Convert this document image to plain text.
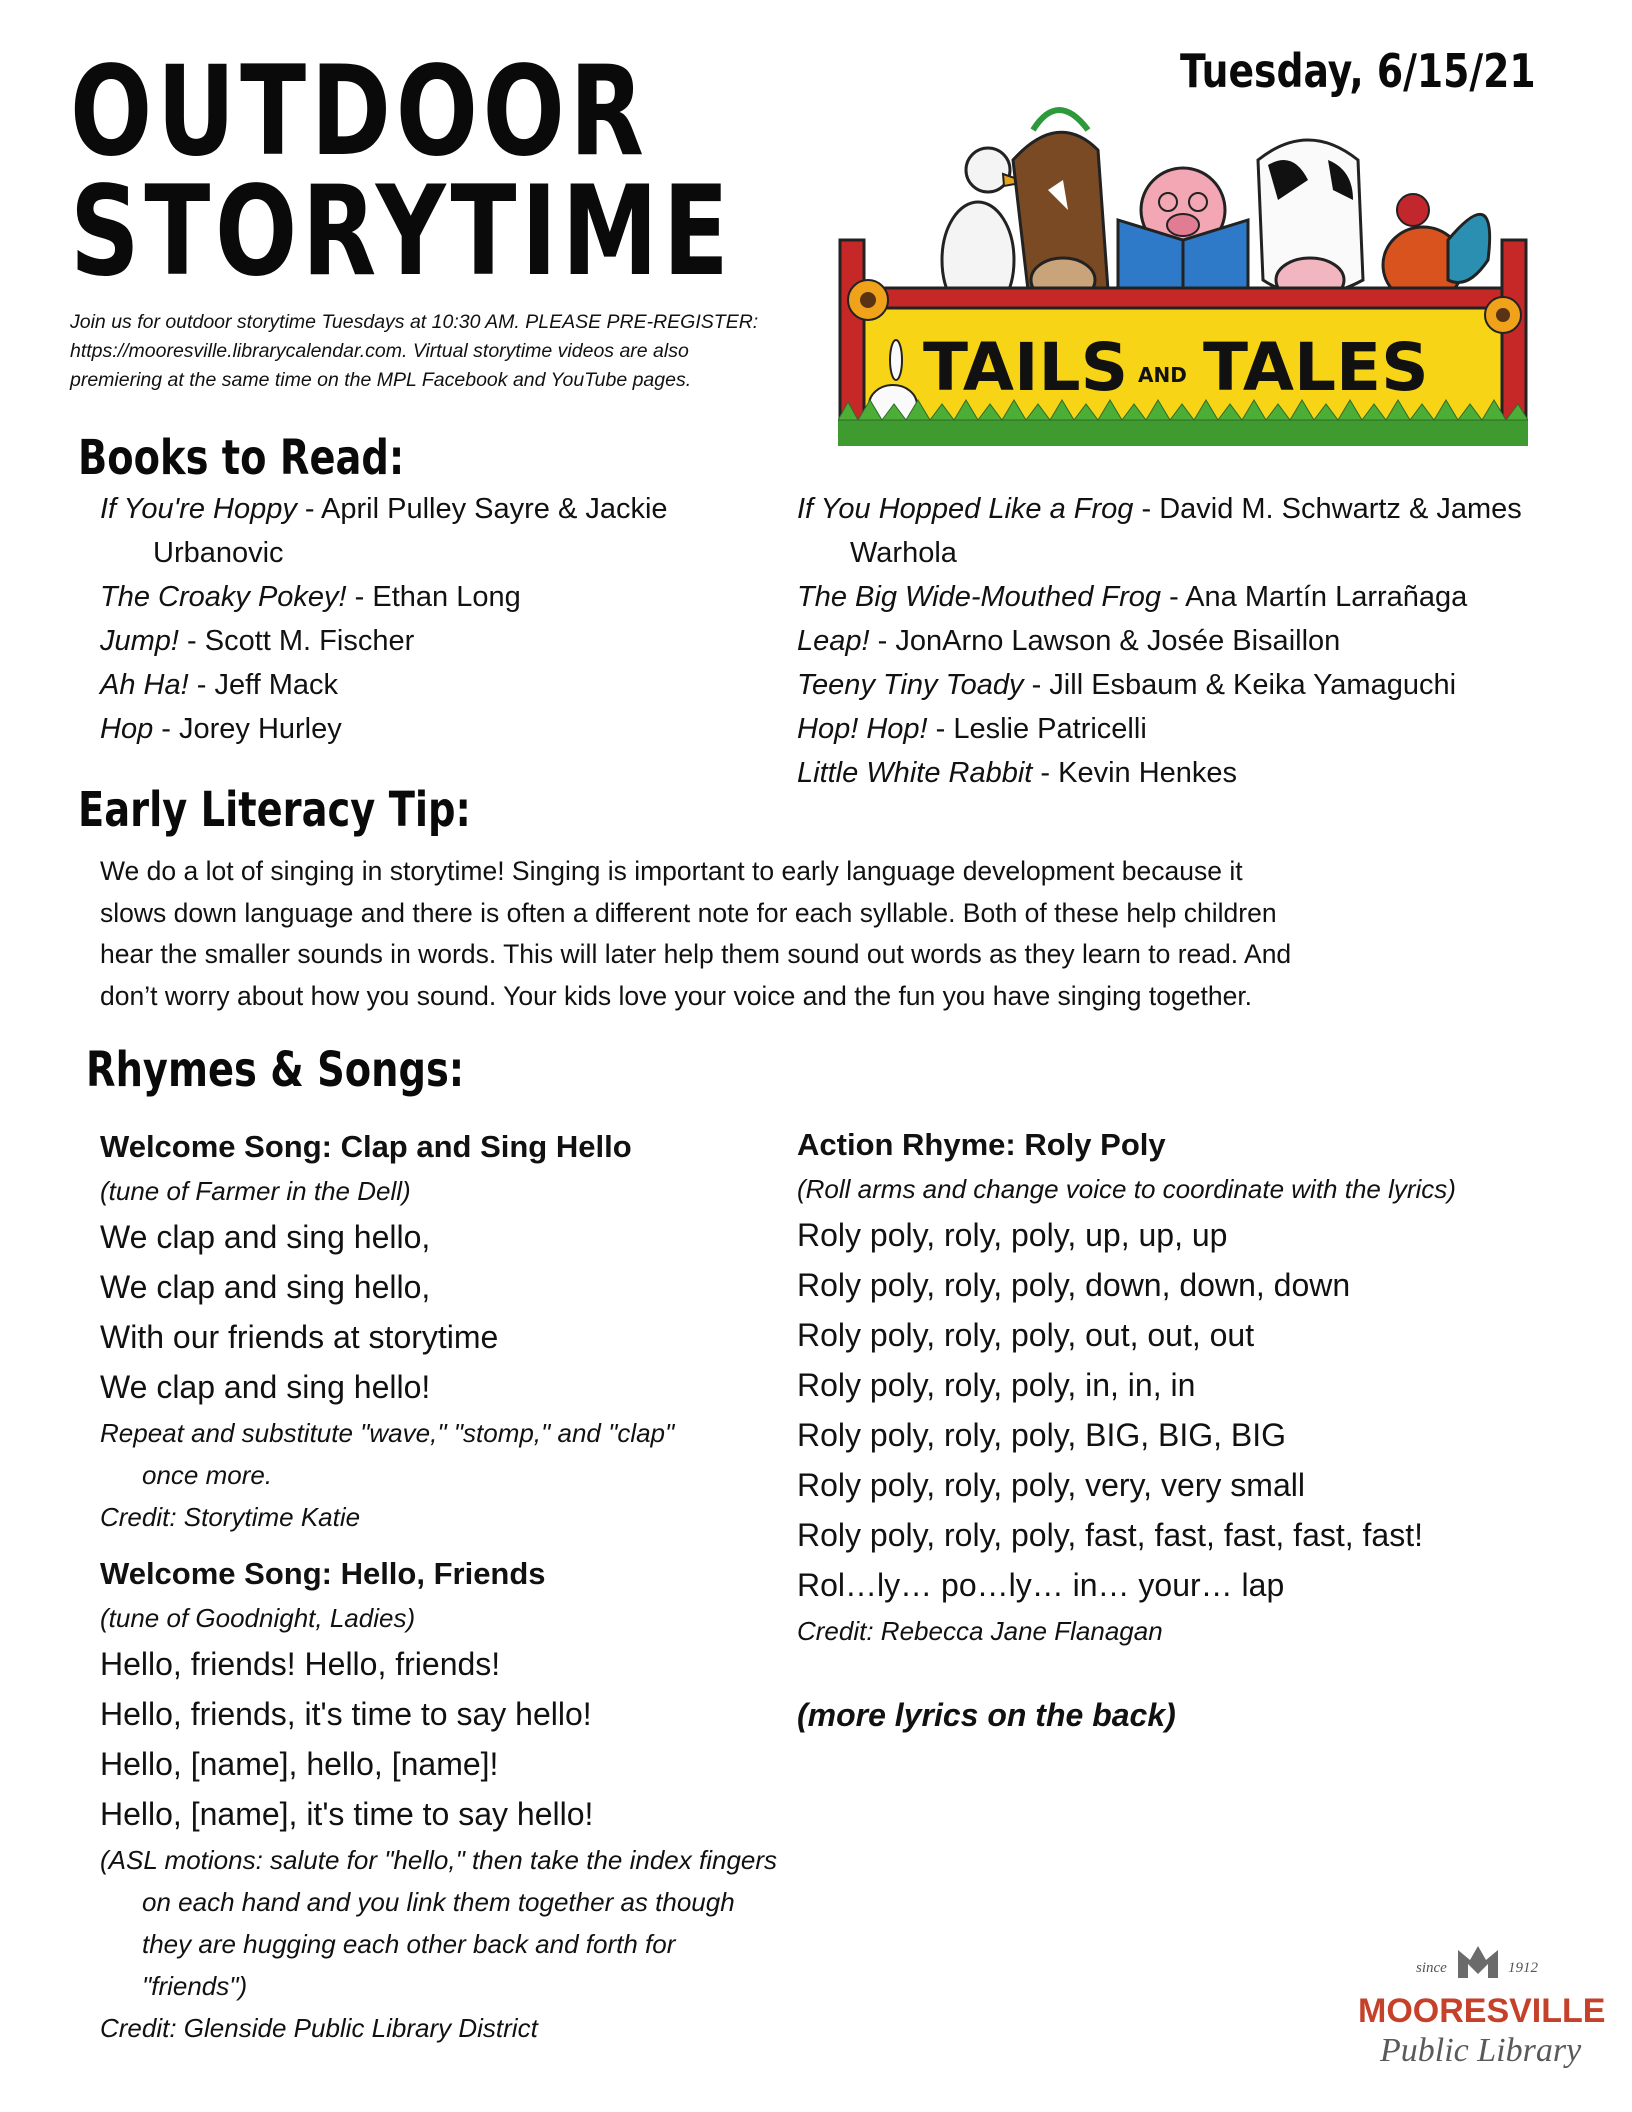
OUTDOOR
STORYTIME
Join us for outdoor storytime Tuesdays at 10:30 AM. PLEASE PRE-REGISTER:
https://mooresville.librarycalendar.com. Virtual storytime videos are also
premiering at the same time on the MPL Facebook and YouTube pages.
Tuesday, 6/15/21
TAILS AND TALES
Books to Read:
If You're Hoppy - April Pulley Sayre & Jackie Urbanovic
The Croaky Pokey! - Ethan Long
Jump! - Scott M. Fischer
Ah Ha! - Jeff Mack
Hop - Jorey Hurley
If You Hopped Like a Frog - David M. Schwartz & James Warhola
The Big Wide-Mouthed Frog - Ana Martín Larrañaga
Leap! - JonArno Lawson & Josée Bisaillon
Teeny Tiny Toady - Jill Esbaum & Keika Yamaguchi
Hop! Hop! - Leslie Patricelli
Little White Rabbit - Kevin Henkes
Early Literacy Tip:
We do a lot of singing in storytime! Singing is important to early language development because it
slows down language and there is often a different note for each syllable. Both of these help children
hear the smaller sounds in words. This will later help them sound out words as they learn to read. And
don’t worry about how you sound. Your kids love your voice and the fun you have singing together.
Rhymes & Songs:
Welcome Song: Clap and Sing Hello
(tune of Farmer in the Dell)
We clap and sing hello,
We clap and sing hello,
With our friends at storytime
We clap and sing hello!
Repeat and substitute "wave," "stomp," and "clap" once more.
Credit: Storytime Katie
Welcome Song: Hello, Friends
(tune of Goodnight, Ladies)
Hello, friends! Hello, friends!
Hello, friends, it's time to say hello!
Hello, [name], hello, [name]!
Hello, [name], it's time to say hello!
(ASL motions: salute for "hello," then take the index fingers on each hand and you link them together as though they are hugging each other back and forth for "friends")
Credit: Glenside Public Library District
Action Rhyme: Roly Poly
(Roll arms and change voice to coordinate with the lyrics)
Roly poly, roly, poly, up, up, up
Roly poly, roly, poly, down, down, down
Roly poly, roly, poly, out, out, out
Roly poly, roly, poly, in, in, in
Roly poly, roly, poly, BIG, BIG, BIG
Roly poly, roly, poly, very, very small
Roly poly, roly, poly, fast, fast, fast, fast, fast!
Rol…ly… po…ly… in… your… lap
Credit: Rebecca Jane Flanagan
(more lyrics on the back)
since	1912
MOORESVILLE
Public Library
